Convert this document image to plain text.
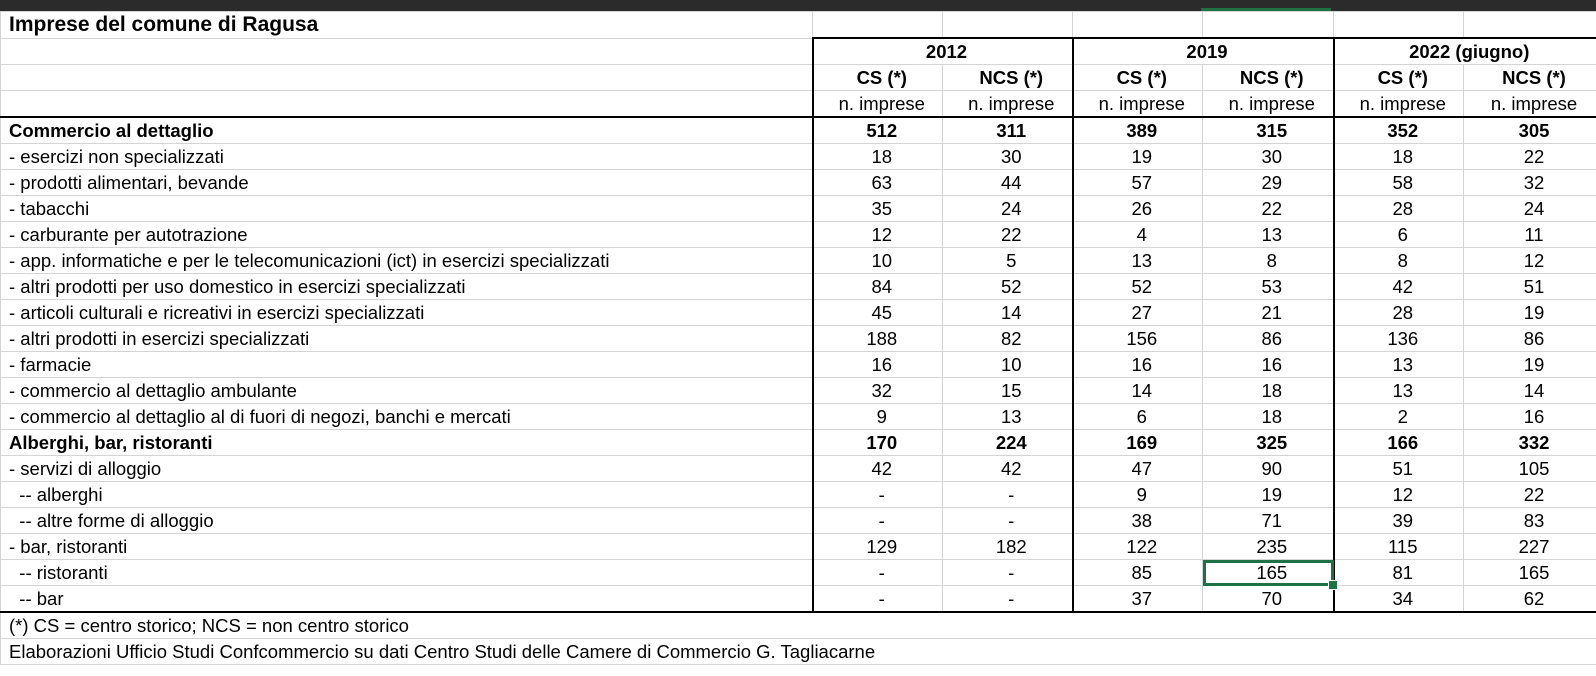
Imprese del comune di Ragusa						
	2012		2019		2022 (giugno)	
	CS (*)	NCS (*)	CS (*)	NCS (*)	CS (*)	NCS (*)
	n. imprese	n. imprese	n. imprese	n. imprese	n. imprese	n. imprese
Commercio al dettaglio	512	311	389	315	352	305
- esercizi non specializzati	18	30	19	30	18	22
- prodotti alimentari, bevande	63	44	57	29	58	32
- tabacchi	35	24	26	22	28	24
- carburante per autotrazione	12	22	4	13	6	11
- app. informatiche e per le telecomunicazioni (ict) in esercizi specializzati	10	5	13	8	8	12
- altri prodotti per uso domestico in esercizi specializzati	84	52	52	53	42	51
- articoli culturali e ricreativi in esercizi specializzati	45	14	27	21	28	19
- altri prodotti in esercizi specializzati	188	82	156	86	136	86
- farmacie	16	10	16	16	13	19
- commercio al dettaglio ambulante	32	15	14	18	13	14
- commercio al dettaglio al di fuori di negozi, banchi e mercati	9	13	6	18	2	16
Alberghi, bar, ristoranti	170	224	169	325	166	332
- servizi di alloggio	42	42	47	90	51	105
-- alberghi	-	-	9	19	12	22
-- altre forme di alloggio	-	-	38	71	39	83
- bar, ristoranti	129	182	122	235	115	227
-- ristoranti	-	-	85	165	81	165
-- bar	-	-	37	70	34	62
(*) CS = centro storico; NCS = non centro storico						
Elaborazioni Ufficio Studi Confcommercio su dati Centro Studi delle Camere di Commercio G. Tagliacarne						
